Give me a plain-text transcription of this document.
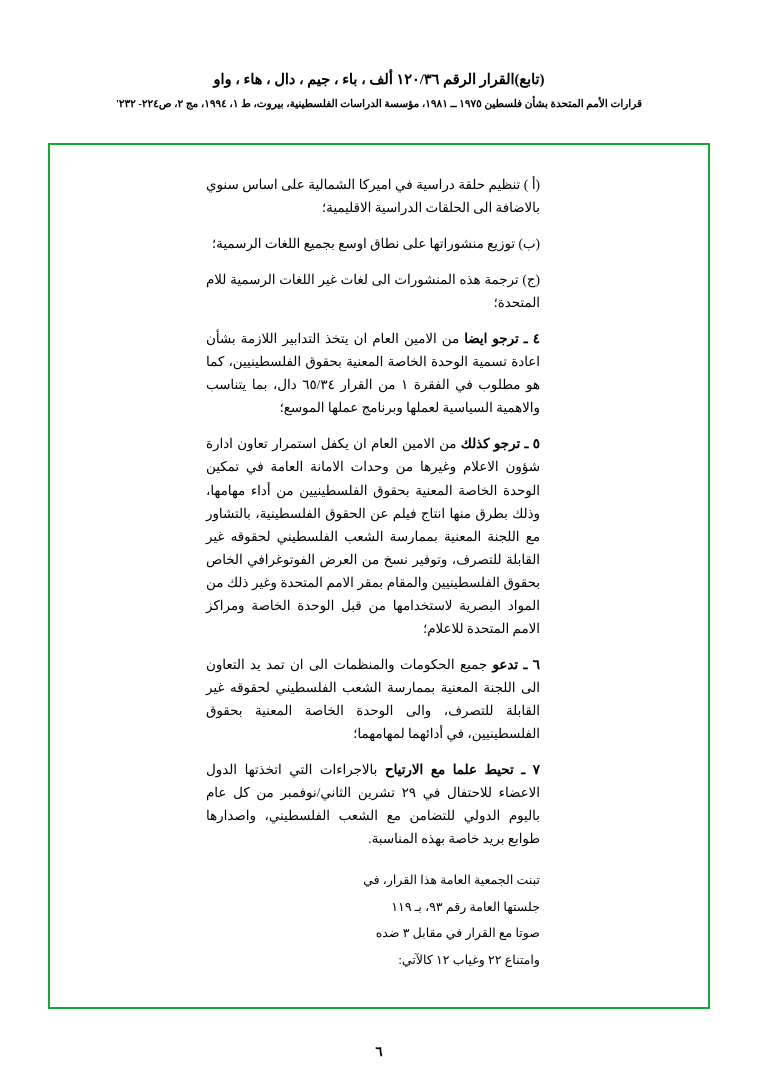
(تابع)القرار الرقم ١٢٠/٣٦ ألف ، باء ، جيم ، دال ، هاء ، واو
قرارات الأمم المتحدة بشأن فلسطين ١٩٧٥ ــ ١٩٨١، مؤسسة الدراسات الفلسطينية، بيروت، ط ١، ١٩٩٤، مج ٢، ص٢٢٤- ٢٣٢'

(أ ) تنظيم حلقة دراسية في اميركا الشمالية على اساس سنوي بالاضافة الى الحلقات الدراسية الاقليمية؛

(ب) توزيع منشوراتها على نطاق اوسع بجميع اللغات الرسمية؛

(ج) ترجمة هذه المنشورات الى لغات غير اللغات الرسمية للام المتحدة؛

٤ ـ ترجو ايضا من الامين العام ان يتخذ التدابير اللازمة بشأن اعادة تسمية الوحدة الخاصة المعنية بحقوق الفلسطينيين، كما هو مطلوب في الفقرة ١ من القرار ٦٥/٣٤ دال، بما يتناسب والاهمية السياسية لعملها وبرنامج عملها الموسع؛

٥ ـ ترجو كذلك من الامين العام ان يكفل استمرار تعاون ادارة شؤون الاعلام وغيرها من وحدات الامانة العامة في تمكين الوحدة الخاصة المعنية بحقوق الفلسطينيين من أداء مهامها، وذلك بطرق منها انتاج فيلم عن الحقوق الفلسطينية، بالتشاور مع اللجنة المعنية بممارسة الشعب الفلسطيني لحقوقه غير القابلة للتصرف، وتوفير نسخ من العرض الفوتوغرافي الخاص بحقوق الفلسطينيين والمقام بمقر الامم المتحدة وغير ذلك من المواد البصرية لاستخدامها من قبل الوحدة الخاصة ومراكز الامم المتحدة للاعلام؛

٦ ـ تدعو جميع الحكومات والمنظمات الى ان تمد يد التعاون الى اللجنة المعنية بممارسة الشعب الفلسطيني لحقوقه غير القابلة للتصرف، والى الوحدة الخاصة المعنية بحقوق الفلسطينيين، في أدائهما لمهامهما؛

٧ ـ تحيط علما مع الارتياح بالاجراءات التي اتخذتها الدول الاعضاء للاحتفال في ٢٩ تشرين الثاني/نوفمبر من كل عام باليوم الدولي للتضامن مع الشعب الفلسطيني، واصدارها طوابع بريد خاصة بهذه المناسبة.

تبنت الجمعية العامة هذا القرار، في

جلستها العامة رقم ٩٣، بـ ١١٩

صوتا مع القرار في مقابل ٣ ضده

وامتناع ٢٢ وغياب ١٢ كالآتي:

٦
